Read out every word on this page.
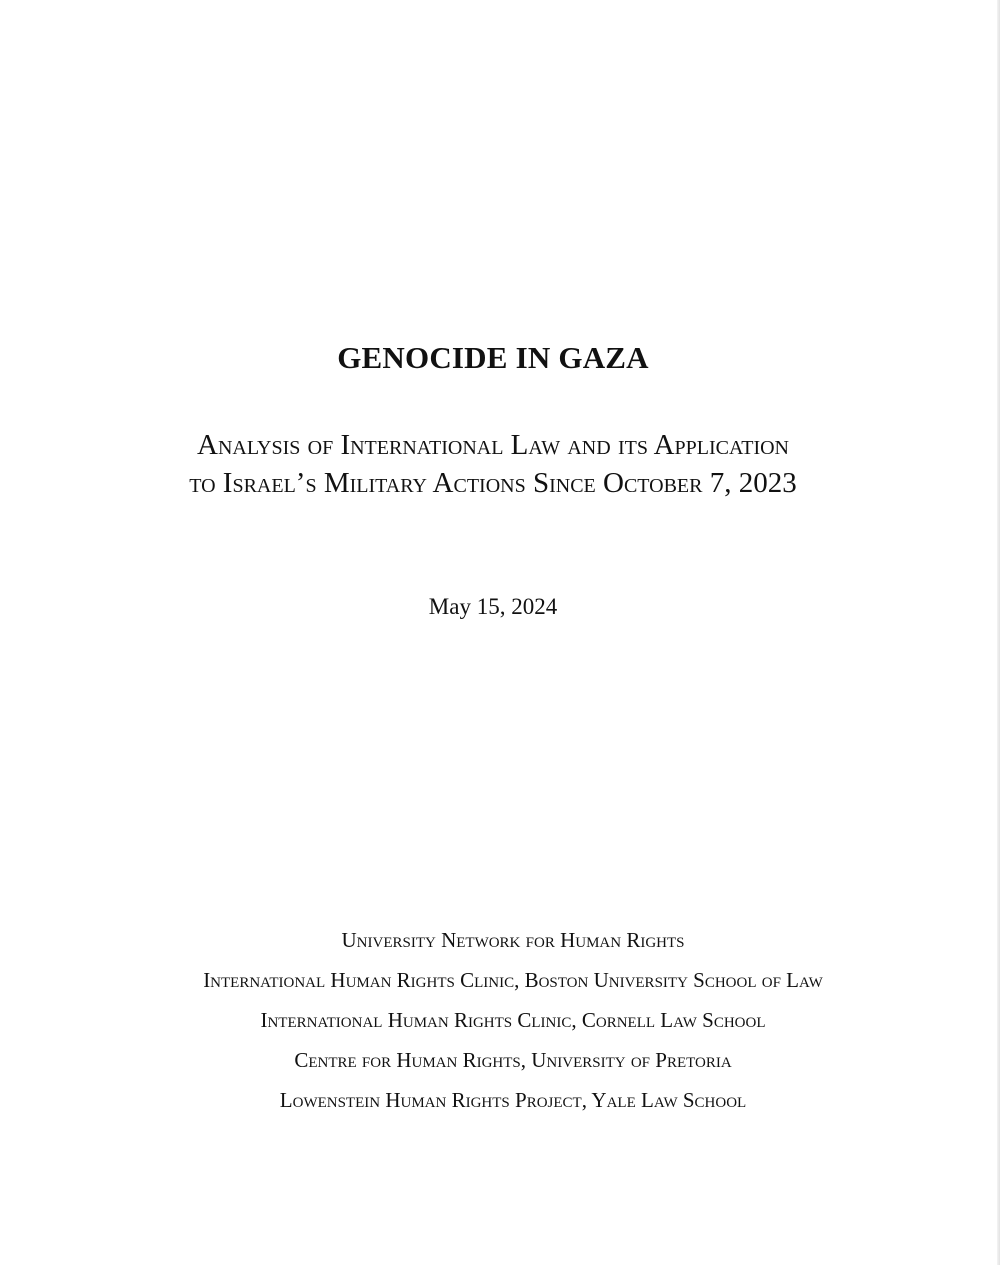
GENOCIDE IN GAZA
Analysis of International Law and its Application
to Israel’s Military Actions Since October 7, 2023
May 15, 2024
University Network for Human Rights
International Human Rights Clinic, Boston University School of Law
International Human Rights Clinic, Cornell Law School
Centre for Human Rights, University of Pretoria
Lowenstein Human Rights Project, Yale Law School
